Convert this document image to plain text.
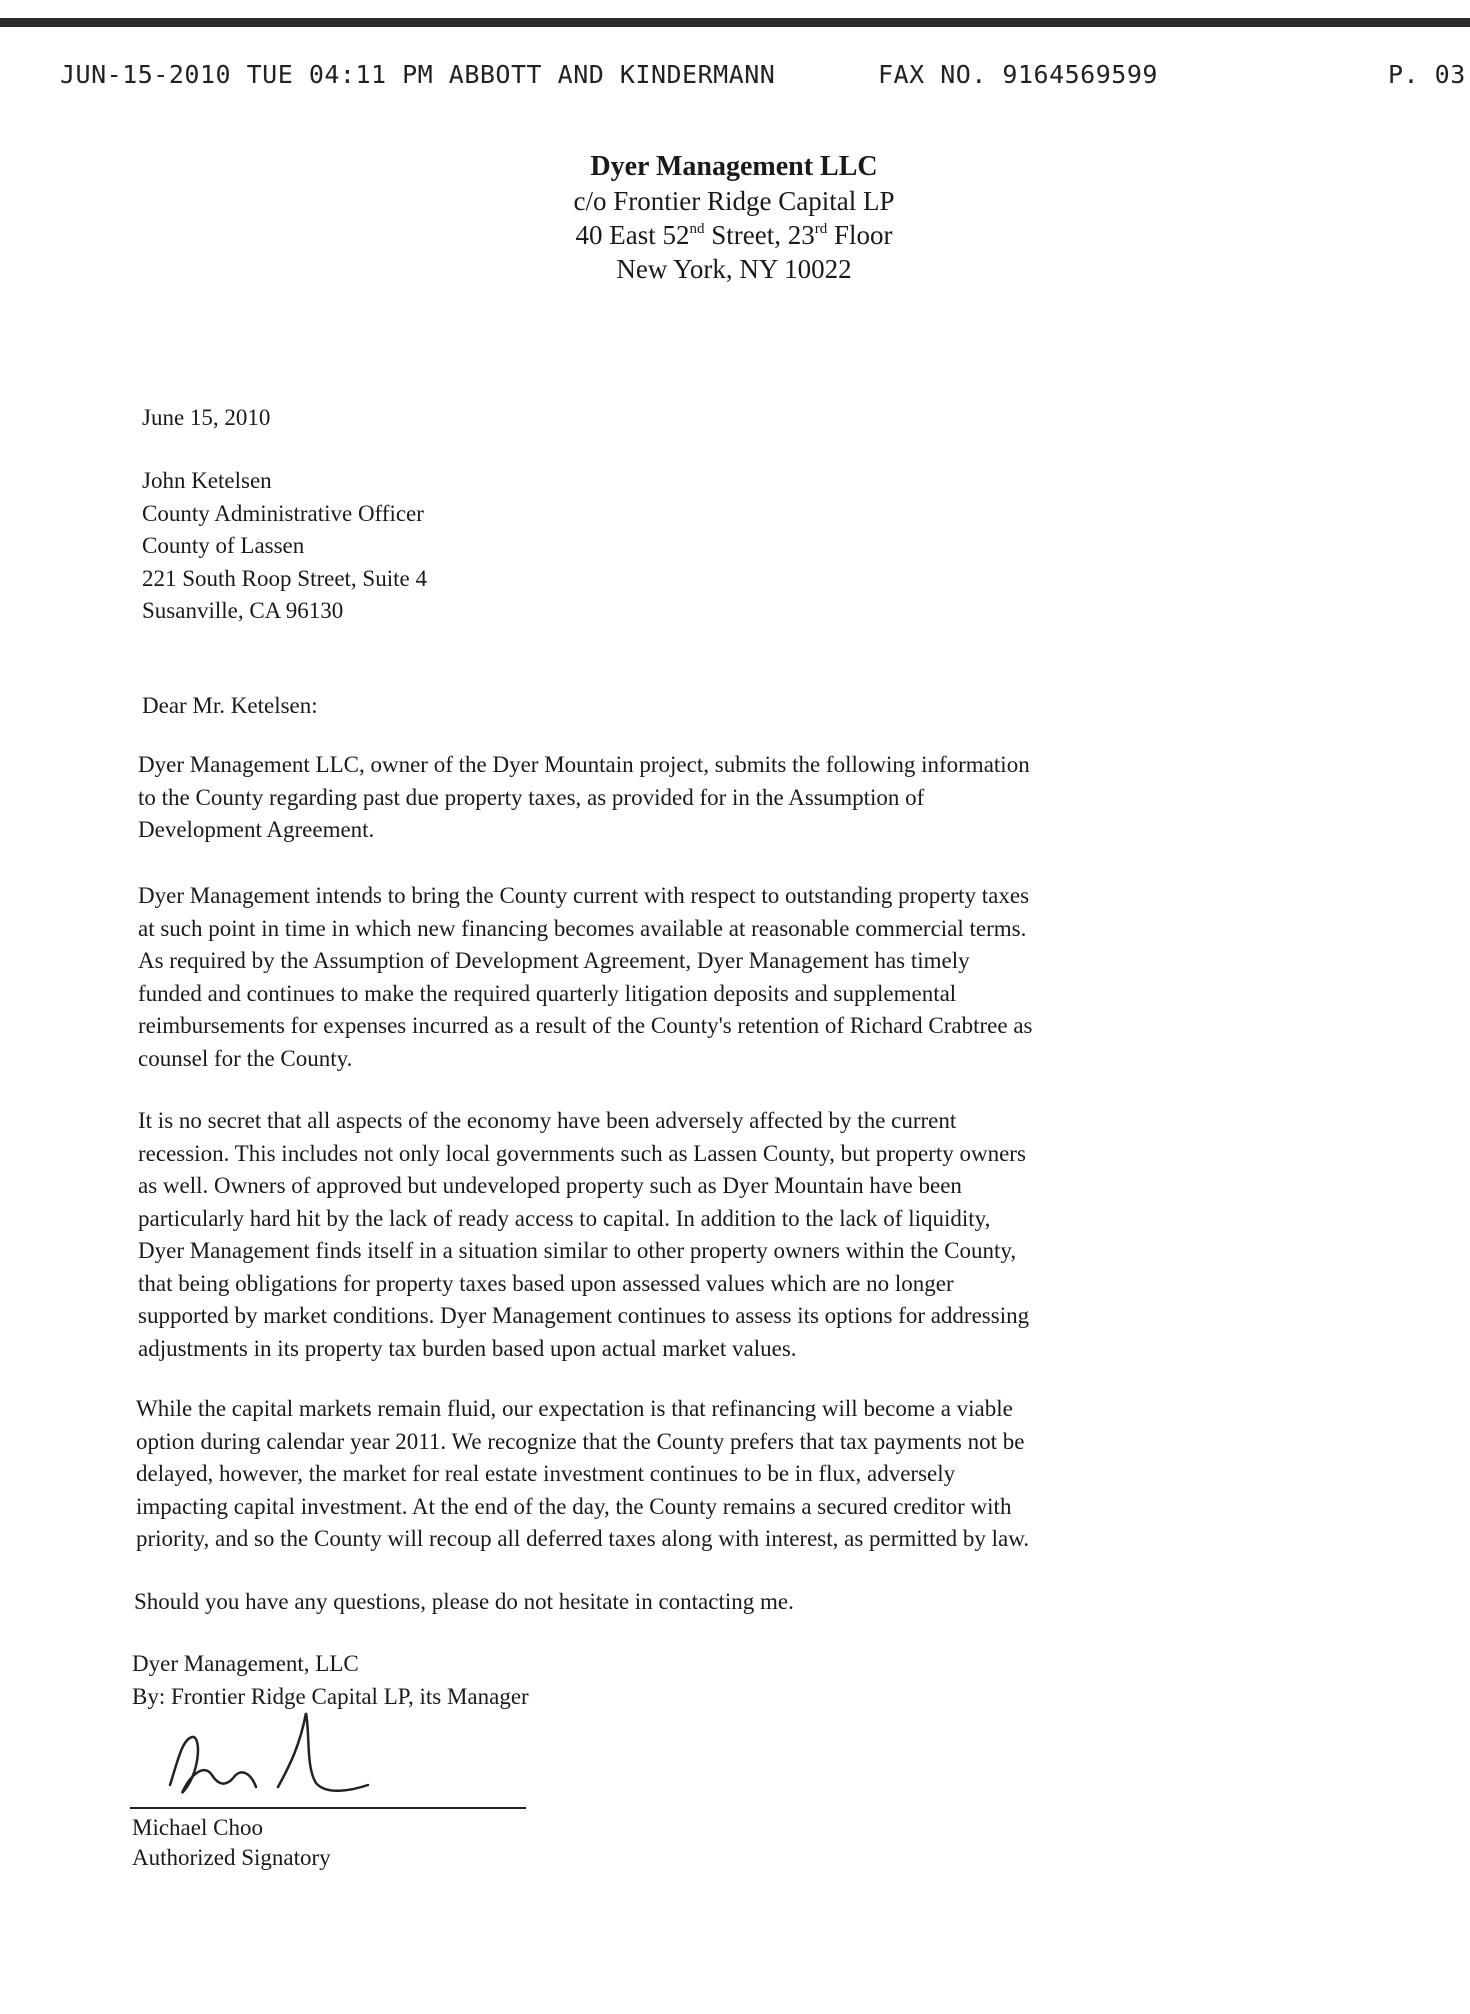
JUN-15-2010 TUE 04:11 PM ABBOTT AND KINDERMANN	FAX NO. 9164569599	P. 03
Dyer Management LLC
c/o Frontier Ridge Capital LP
40 East 52nd Street, 23rd Floor
New York, NY 10022
June 15, 2010
John Ketelsen
County Administrative Officer
County of Lassen
221 South Roop Street, Suite 4
Susanville, CA 96130
Dear Mr. Ketelsen:
Dyer Management LLC, owner of the Dyer Mountain project, submits the following information
to the County regarding past due property taxes, as provided for in the Assumption of
Development Agreement.
Dyer Management intends to bring the County current with respect to outstanding property taxes
at such point in time in which new financing becomes available at reasonable commercial terms.
As required by the Assumption of Development Agreement, Dyer Management has timely
funded and continues to make the required quarterly litigation deposits and supplemental
reimbursements for expenses incurred as a result of the County's retention of Richard Crabtree as
counsel for the County.
It is no secret that all aspects of the economy have been adversely affected by the current
recession. This includes not only local governments such as Lassen County, but property owners
as well. Owners of approved but undeveloped property such as Dyer Mountain have been
particularly hard hit by the lack of ready access to capital. In addition to the lack of liquidity,
Dyer Management finds itself in a situation similar to other property owners within the County,
that being obligations for property taxes based upon assessed values which are no longer
supported by market conditions. Dyer Management continues to assess its options for addressing
adjustments in its property tax burden based upon actual market values.
While the capital markets remain fluid, our expectation is that refinancing will become a viable
option during calendar year 2011. We recognize that the County prefers that tax payments not be
delayed, however, the market for real estate investment continues to be in flux, adversely
impacting capital investment. At the end of the day, the County remains a secured creditor with
priority, and so the County will recoup all deferred taxes along with interest, as permitted by law.
Should you have any questions, please do not hesitate in contacting me.
Dyer Management, LLC
By: Frontier Ridge Capital LP, its Manager
Michael Choo
Authorized Signatory
